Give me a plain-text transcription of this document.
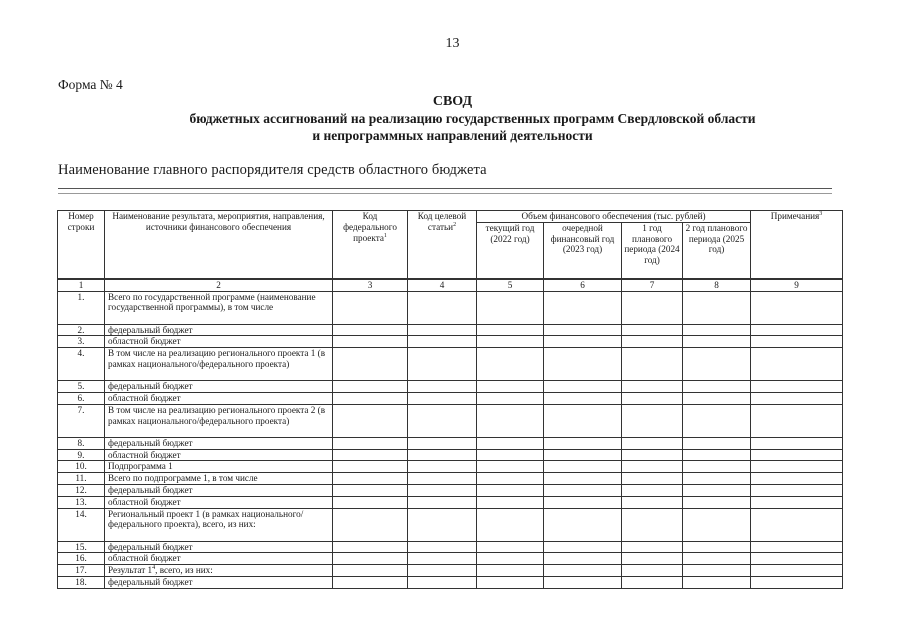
13
Форма № 4
СВОД
бюджетных ассигнований на реализацию государственных программ Свердловской области
и непрограммных направлений деятельности
Наименование главного распорядителя средств областного бюджета
Номер строки	Наименование результата, мероприятия, направления, источники финансового обеспечения	Код федерального проекта$^1$	Код целевой статьи$^2$	Объем финансового обеспечения (тыс. рублей)				Примечания$^3$
				текущий год (2022 год)	очередной финансовый год (2023 год)	1 год планового периода (2024 год)	2 год планового периода (2025 год)	
1	2	3	4	5	6	7	8	9
1.	Всего по государственной программе (наименование государственной программы), в том числе							
2.	федеральный бюджет							
3.	областной бюджет							
4.	В том числе на реализацию регионального проекта 1 (в рамках национального/федерального проекта)							
5.	федеральный бюджет							
6.	областной бюджет							
7.	В том числе на реализацию регионального проекта 2 (в рамках национального/федерального проекта)							
8.	федеральный бюджет							
9.	областной бюджет							
10.	Подпрограмма 1							
11.	Всего по подпрограмме 1, в том числе							
12.	федеральный бюджет							
13.	областной бюджет							
14.	Региональный проект 1 (в рамках национального/федерального проекта), всего, из них:							
15.	федеральный бюджет							
16.	областной бюджет							
17.	Результат $1^4$, всего, из них:							
18.	федеральный бюджет							
